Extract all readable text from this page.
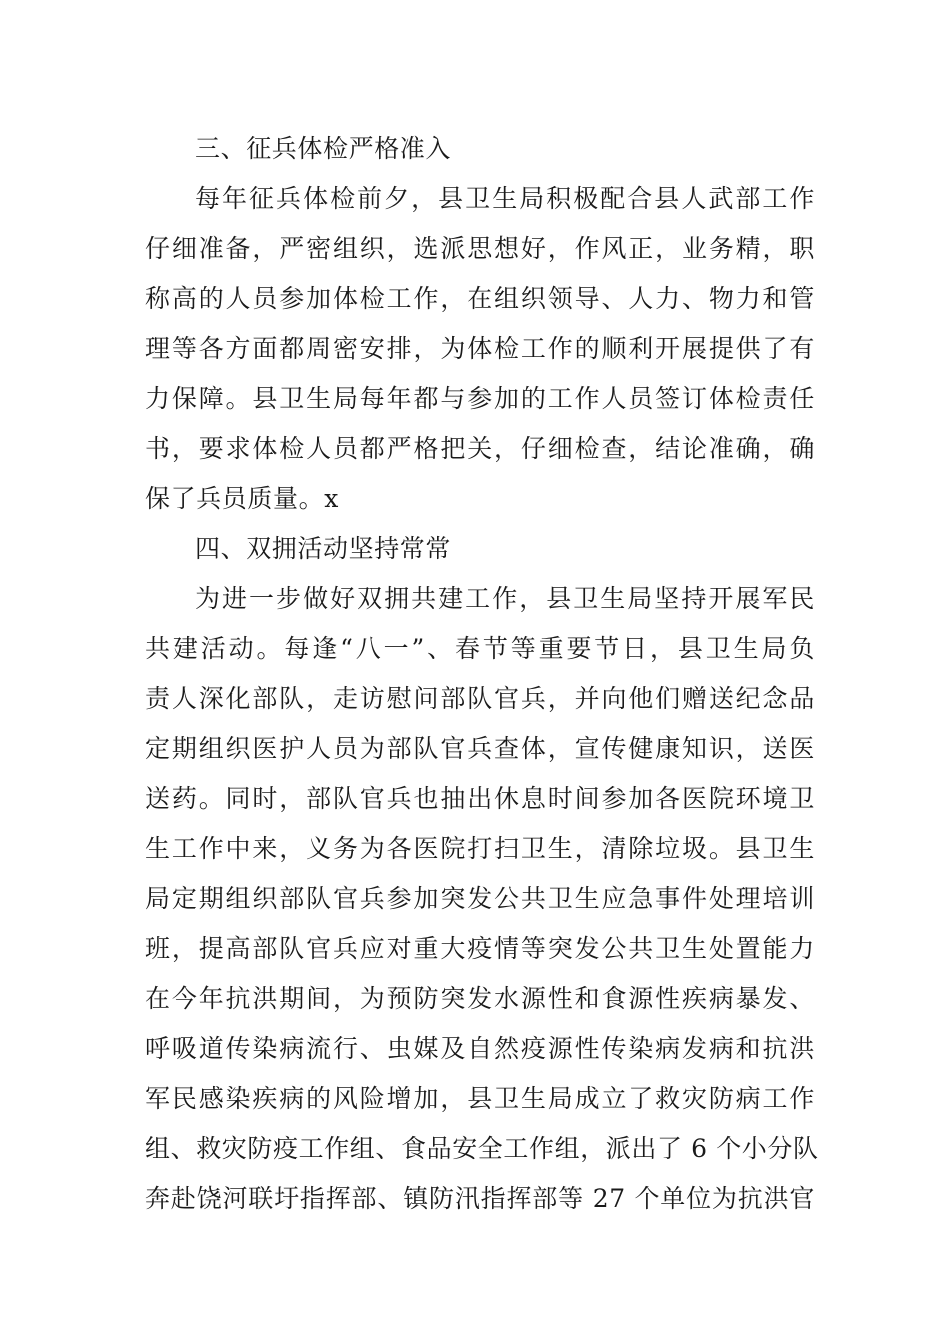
三、征兵体检严格准入
每年征兵体检前夕，县卫生局积极配合县人武部工作
仔细准备，严密组织，选派思想好，作风正，业务精，职
称高的人员参加体检工作，在组织领导、人力、物力和管
理等各方面都周密安排，为体检工作的顺利开展提供了有
力保障。县卫生局每年都与参加的工作人员签订体检责任
书，要求体检人员都严格把关，仔细检查，结论准确，确
保了兵员质量。x
四、双拥活动坚持常常
为进一步做好双拥共建工作，县卫生局坚持开展军民
共建活动。每逢“八一”、春节等重要节日，县卫生局负
责人深化部队，走访慰问部队官兵，并向他们赠送纪念品
定期组织医护人员为部队官兵查体，宣传健康知识，送医
送药。同时，部队官兵也抽出休息时间参加各医院环境卫
生工作中来，义务为各医院打扫卫生，清除垃圾。县卫生
局定期组织部队官兵参加突发公共卫生应急事件处理培训
班，提高部队官兵应对重大疫情等突发公共卫生处置能力
在今年抗洪期间，为预防突发水源性和食源性疾病暴发、
呼吸道传染病流行、虫媒及自然疫源性传染病发病和抗洪
军民感染疾病的风险增加，县卫生局成立了救灾防病工作
组、救灾防疫工作组、食品安全工作组，派出了 6 个小分队
奔赴饶河联圩指挥部、镇防汛指挥部等 27 个单位为抗洪官
